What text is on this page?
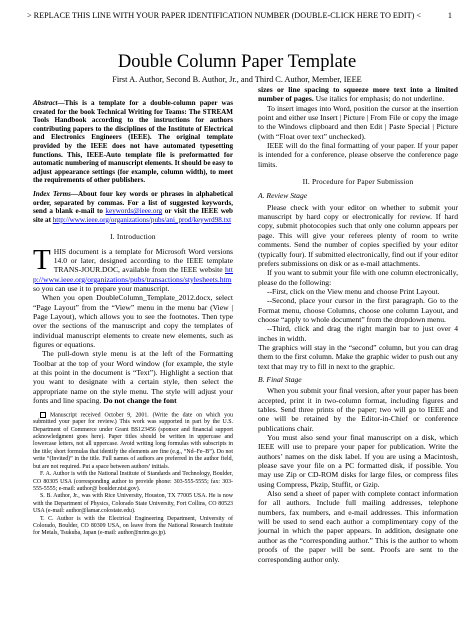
> REPLACE THIS LINE WITH YOUR PAPER IDENTIFICATION NUMBER (DOUBLE-CLICK HERE TO EDIT) <	1
Double Column Paper Template
First A. Author, Second B. Author, Jr., and Third C. Author, Member, IEEE

Abstract—This is a template for a double-column paper was created for the book Technical Writing for Teams: The STREAM Tools Handbook according to the instructions for authors contributing papers to the disciplines of the Institute of Electrical and Electronics Engineers (IEEE). The original template provided by the IEEE does not have automated typesetting functions. This, IEEE-Auto template file is preformatted for automatic numbering of manuscript elements. It should be easy to adjust appearance settings (for example, column width), to meet the requirements of other publishers.

Index Terms—About four key words or phrases in alphabetical order, separated by commas. For a list of suggested keywords, send a blank e-mail to keywords@ieee.org or visit the IEEE web site at http://www.ieee.org/organizations/pubs/ani_prod/keywrd98.txt

I. Introduction

THIS document is a template for Microsoft Word versions 14.0 or later, designed according to the IEEE template TRANS-JOUR.DOC, available from the IEEE website http://www.ieee.org/organizations/pubs/transactions/stylesheets.htm so you can use it to prepare your manuscript.

When you open DoubleColumn_Template_2012.docx, select “Page Layout” from the “View” menu in the menu bar (View | Page Layout), which allows you to see the footnotes. Then type over the sections of the manuscript and copy the templates of individual manuscript elements to create new elements, such as figures or equations.

The pull-down style menu is at the left of the Formatting Toolbar at the top of your Word window (for example, the style at this point in the document is “Text”). Highlight a section that you want to designate with a certain style, then select the appropriate name on the style menu. The style will adjust your fonts and line spacing. Do not change the font

Manuscript received October 9, 2001. (Write the date on which you submitted your paper for review.) This work was supported in part by the U.S. Department of Commerce under Grant BS123456 (sponsor and financial support acknowledgment goes here). Paper titles should be written in uppercase and lowercase letters, not all uppercase. Avoid writing long formulas with subscripts in the title; short formulas that identify the elements are fine (e.g., “Nd–Fe–B”). Do not write “(Invited)” in the title. Full names of authors are preferred in the author field, but are not required. Put a space between authors’ initials.

F. A. Author is with the National Institute of Standards and Technology, Boulder, CO 80305 USA (corresponding author to provide phone: 303-555-5555; fax: 303-555-5555; e-mail: author@ boulder.nist.gov).

S. B. Author, Jr., was with Rice University, Houston, TX 77005 USA. He is now with the Department of Physics, Colorado State University, Fort Collins, CO 80523 USA (e-mail: author@lamar.colostate.edu).

T. C. Author is with the Electrical Engineering Department, University of Colorado, Boulder, CO 80309 USA, on leave from the National Research Institute for Metals, Tsukuba, Japan (e-mail: author@nrim.go.jp).

sizes or line spacing to squeeze more text into a limited number of pages. Use italics for emphasis; do not underline.

To insert images into Word, position the cursor at the insertion point and either use Insert | Picture | From File or copy the image to the Windows clipboard and then Edit | Paste Special | Picture (with “Float over text” unchecked).

IEEE will do the final formatting of your paper. If your paper is intended for a conference, please observe the conference page limits.

II. Procedure for Paper Submission
A. Review Stage

Please check with your editor on whether to submit your manuscript by hard copy or electronically for review. If hard copy, submit photocopies such that only one column appears per page. This will give your referees plenty of room to write comments. Send the number of copies specified by your editor (typically four). If submitted electronically, find out if your editor prefers submissions on disk or as e-mail attachments.

If you want to submit your file with one column electronically, please do the following:

--First, click on the View menu and choose Print Layout.

--Second, place your cursor in the first paragraph. Go to the Format menu, choose Columns, choose one column Layout, and choose “apply to whole document” from the dropdown menu.

--Third, click and drag the right margin bar to just over 4 inches in width.

The graphics will stay in the “second” column, but you can drag them to the first column. Make the graphic wider to push out any text that may try to fill in next to the graphic.

B. Final Stage

When you submit your final version, after your paper has been accepted, print it in two-column format, including figures and tables. Send three prints of the paper; two will go to IEEE and one will be retained by the Editor-in-Chief or conference publications chair.

You must also send your final manuscript on a disk, which IEEE will use to prepare your paper for publication. Write the authors’ names on the disk label. If you are using a Macintosh, please save your file on a PC formatted disk, if possible. You may use Zip or CD-ROM disks for large files, or compress files using Compress, Pkzip, Stuffit, or Gzip.

Also send a sheet of paper with complete contact information for all authors. Include full mailing addresses, telephone numbers, fax numbers, and e-mail addresses. This information will be used to send each author a complimentary copy of the journal in which the paper appears. In addition, designate one author as the “corresponding author.” This is the author to whom proofs of the paper will be sent. Proofs are sent to the corresponding author only.
